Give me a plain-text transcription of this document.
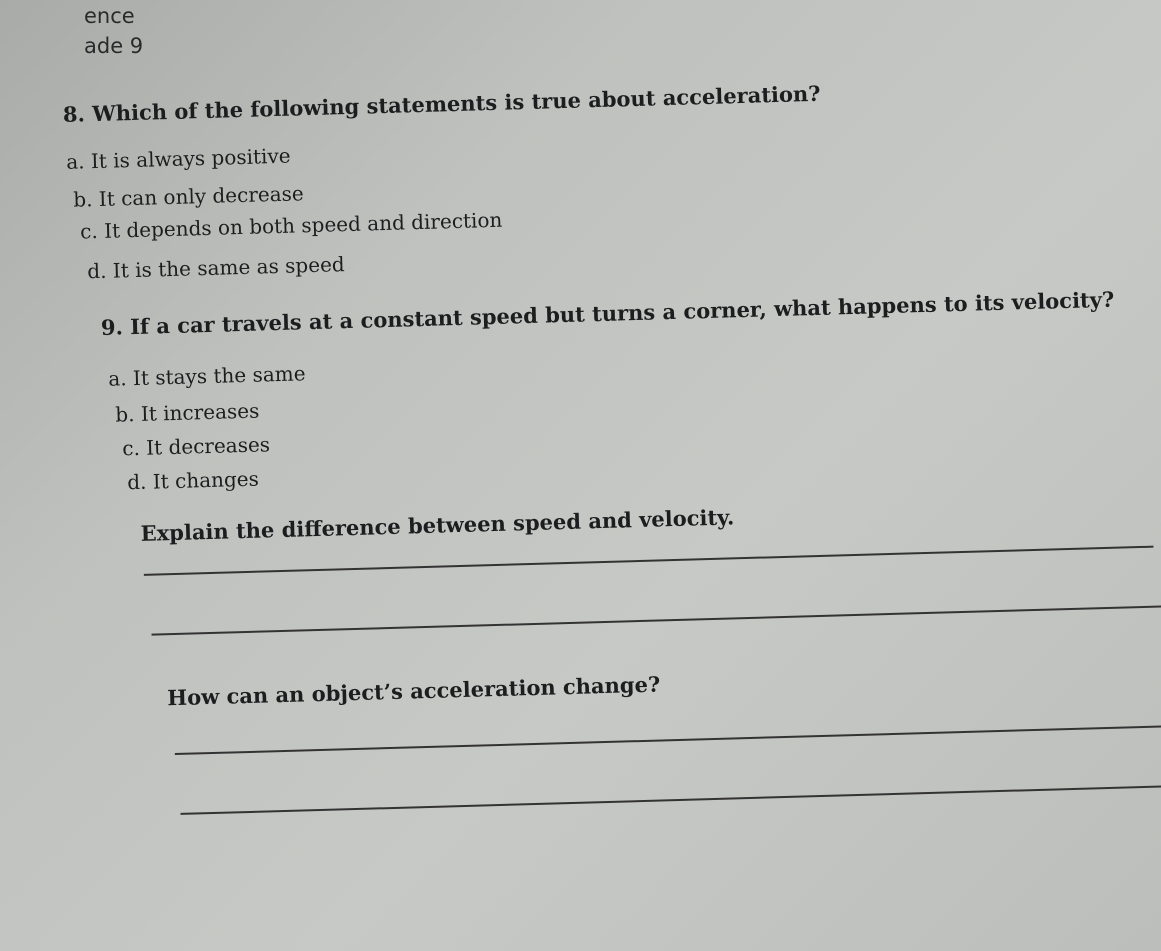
ence
ade 9
8. Which of the following statements is true about acceleration?
a. It is always positive
b. It can only decrease
c. It depends on both speed and direction
d. It is the same as speed
9. If a car travels at a constant speed but turns a corner, what happens to its velocity?
a. It stays the same
b. It increases
c. It decreases
d. It changes
Explain the difference between speed and velocity.
How can an object’s acceleration change?
